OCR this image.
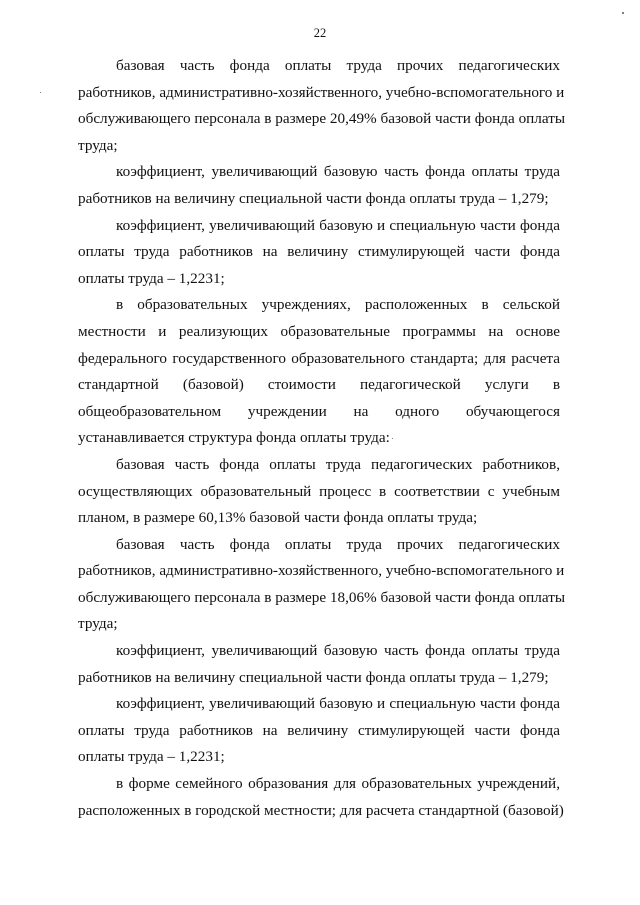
22
базовая часть фонда оплаты труда прочих педагогических
работников, административно-хозяйственного, учебно-вспомогательного и
обслуживающего персонала в размере 20,49% базовой части фонда оплаты
труда;
коэффициент, увеличивающий базовую часть фонда оплаты труда
работников на величину специальной части фонда оплаты труда – 1,279;
коэффициент, увеличивающий базовую и специальную части фонда
оплаты труда работников на величину стимулирующей части фонда
оплаты труда – 1,2231;
в образовательных учреждениях, расположенных в сельской
местности и реализующих образовательные программы на основе
федерального государственного образовательного стандарта; для расчета
стандартной (базовой) стоимости педагогической услуги в
общеобразовательном учреждении на одного обучающегося
устанавливается структура фонда оплаты труда:
базовая часть фонда оплаты труда педагогических работников,
осуществляющих образовательный процесс в соответствии с учебным
планом, в размере 60,13% базовой части фонда оплаты труда;
базовая часть фонда оплаты труда прочих педагогических
работников, административно-хозяйственного, учебно-вспомогательного и
обслуживающего персонала в размере 18,06% базовой части фонда оплаты
труда;
коэффициент, увеличивающий базовую часть фонда оплаты труда
работников на величину специальной части фонда оплаты труда – 1,279;
коэффициент, увеличивающий базовую и специальную части фонда
оплаты труда работников на величину стимулирующей части фонда
оплаты труда – 1,2231;
в форме семейного образования для образовательных учреждений,
расположенных в городской местности; для расчета стандартной (базовой)
